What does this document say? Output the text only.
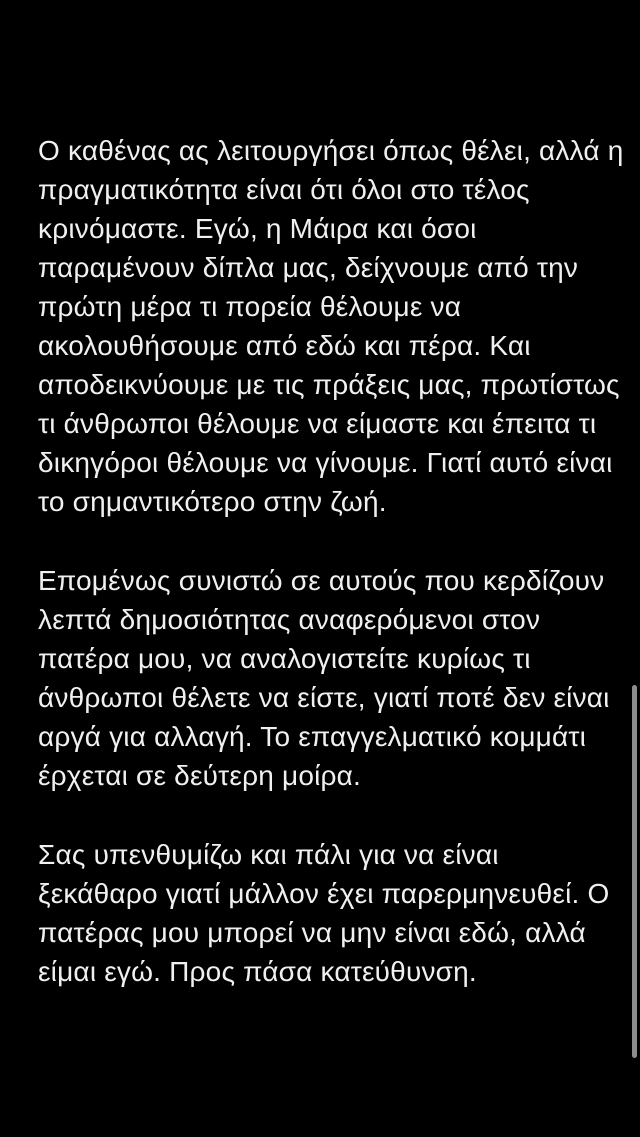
Ο καθένας ας λειτουργήσει όπως θέλει, αλλά η
πραγματικότητα είναι ότι όλοι στο τέλος
κρινόμαστε. Εγώ, η Μάιρα και όσοι
παραμένουν δίπλα μας, δείχνουμε από την
πρώτη μέρα τι πορεία θέλουμε να
ακολουθήσουμε από εδώ και πέρα. Και
αποδεικνύουμε με τις πράξεις μας, πρωτίστως
τι άνθρωποι θέλουμε να είμαστε και έπειτα τι
δικηγόροι θέλουμε να γίνουμε. Γιατί αυτό είναι
το σημαντικότερο στην ζωή.
Επομένως συνιστώ σε αυτούς που κερδίζουν
λεπτά δημοσιότητας αναφερόμενοι στον
πατέρα μου, να αναλογιστείτε κυρίως τι
άνθρωποι θέλετε να είστε, γιατί ποτέ δεν είναι
αργά για αλλαγή. Το επαγγελματικό κομμάτι
έρχεται σε δεύτερη μοίρα.
Σας υπενθυμίζω και πάλι για να είναι
ξεκάθαρο γιατί μάλλον έχει παρερμηνευθεί. Ο
πατέρας μου μπορεί να μην είναι εδώ, αλλά
είμαι εγώ. Προς πάσα κατεύθυνση.
